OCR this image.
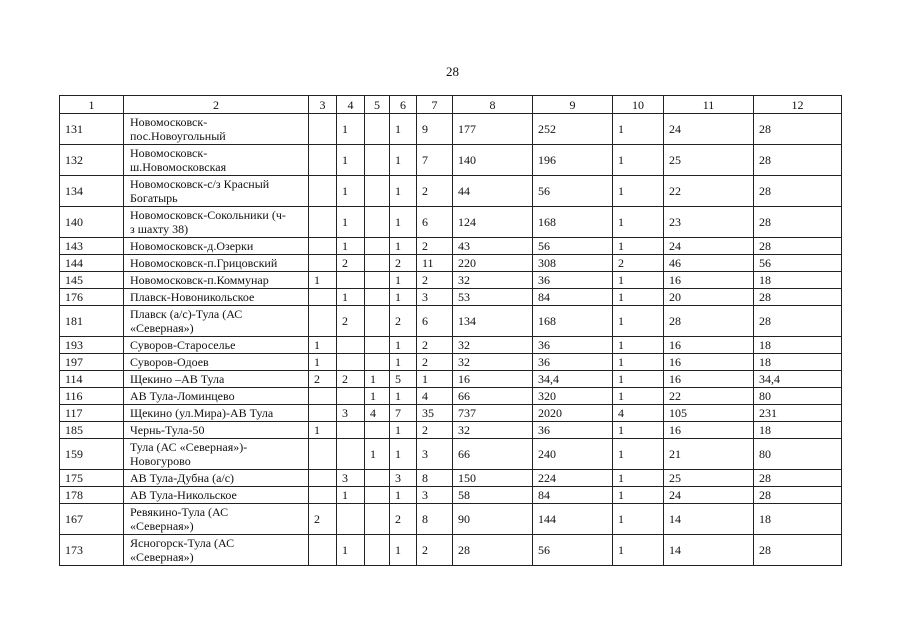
28
1	2	3	4	5	6	7	8	9	10	11	12
131	Новомосковск-
пос.Новоугольный		1		1	9	177	252	1	24	28
132	Новомосковск-
ш.Новомосковская		1		1	7	140	196	1	25	28
134	Новомосковск-с/з Красный
Богатырь		1		1	2	44	56	1	22	28
140	Новомосковск-Сокольники (ч-
з шахту 38)		1		1	6	124	168	1	23	28
143	Новомосковск-д.Озерки		1		1	2	43	56	1	24	28
144	Новомосковск-п.Грицовский		2		2	11	220	308	2	46	56
145	Новомосковск-п.Коммунар	1			1	2	32	36	1	16	18
176	Плавск-Новоникольское		1		1	3	53	84	1	20	28
181	Плавск (а/с)-Тула (АС
«Северная»)		2		2	6	134	168	1	28	28
193	Суворов-Староселье	1			1	2	32	36	1	16	18
197	Суворов-Одоев	1			1	2	32	36	1	16	18
114	Щекино –АВ Тула	2	2	1	5	1	16	34,4	1	16	34,4
116	АВ Тула-Ломинцево			1	1	4	66	320	1	22	80
117	Щекино (ул.Мира)-АВ Тула		3	4	7	35	737	2020	4	105	231
185	Чернь-Тула-50	1			1	2	32	36	1	16	18
159	Тула (АС «Северная»)-
Новогурово			1	1	3	66	240	1	21	80
175	АВ Тула-Дубна (а/с)		3		3	8	150	224	1	25	28
178	АВ Тула-Никольское		1		1	3	58	84	1	24	28
167	Ревякино-Тула (АС
«Северная»)	2			2	8	90	144	1	14	18
173	Ясногорск-Тула (АС
«Северная»)		1		1	2	28	56	1	14	28
